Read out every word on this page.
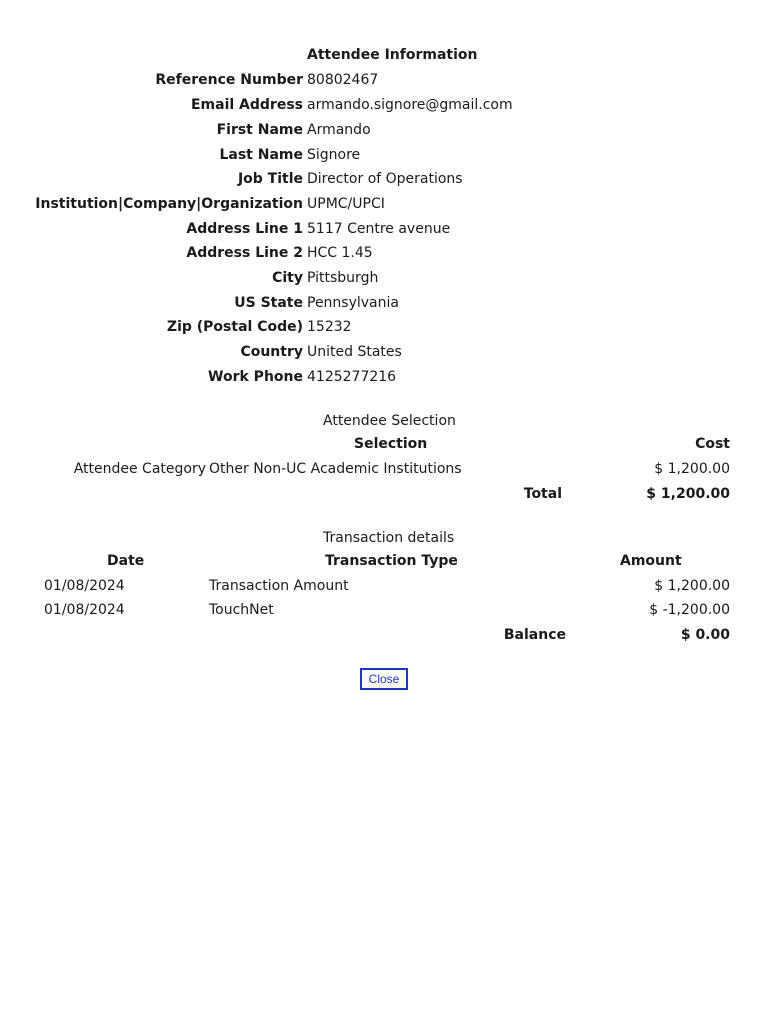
Attendee Information
Reference Number 80802467
Email Address armando.signore@gmail.com
First Name Armando
Last Name Signore
Job Title Director of Operations
Institution|Company|Organization UPMC/UPCI
Address Line 1 5117 Centre avenue
Address Line 2 HCC 1.45
City Pittsburgh
US State Pennsylvania
Zip (Postal Code) 15232
Country United States
Work Phone 4125277216
Attendee Selection
Selection	Cost
Attendee Category Other Non-UC Academic Institutions	$ 1,200.00
Total	$ 1,200.00
Transaction details
Date	Transaction Type	Amount
01/08/2024	Transaction Amount	$ 1,200.00
01/08/2024	TouchNet	$ -1,200.00
Balance	$ 0.00
Close
